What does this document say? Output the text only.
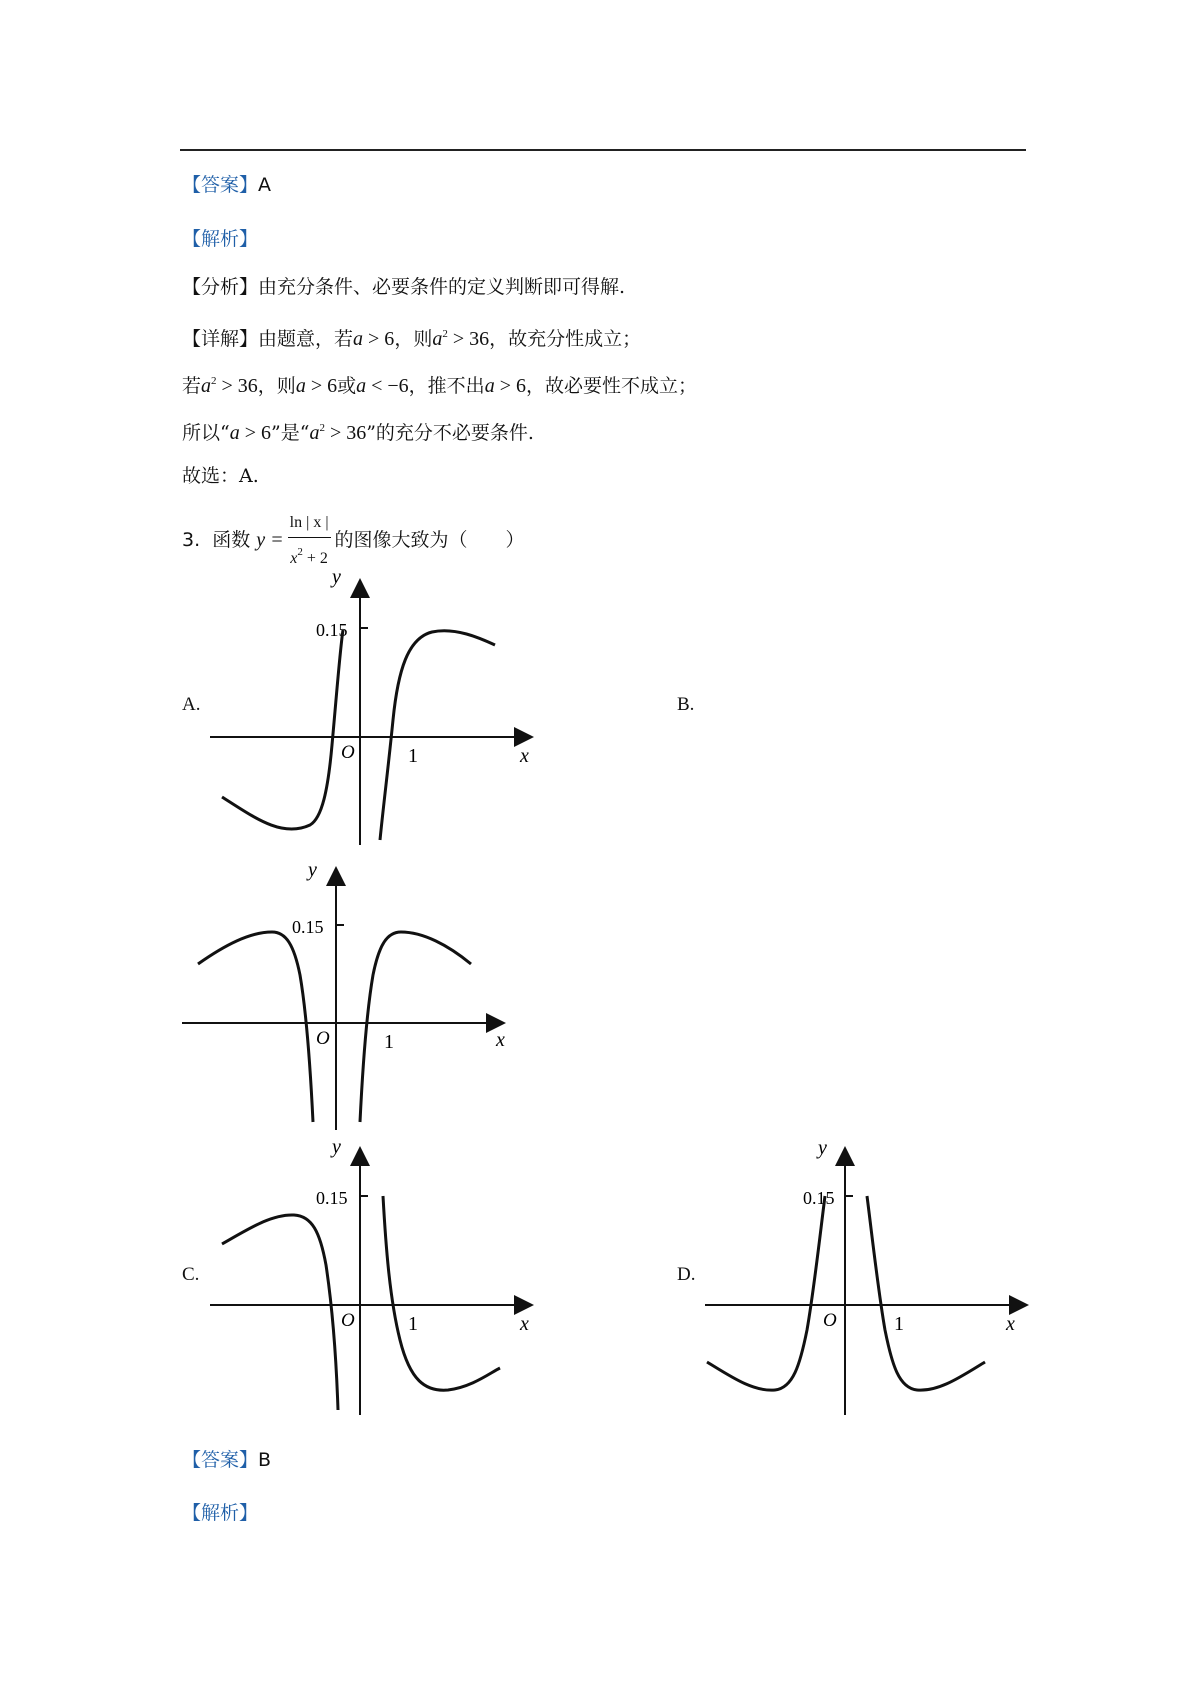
【答案】A
【解析】
【分析】由充分条件、必要条件的定义判断即可得解.
【详解】由题意，若a > 6，则$a^2 > 36$，故充分性成立；
若$a^2 > 36$，则a > 6或a < −6，推不出a > 6，故必要性不成立；
所以“a > 6”是“$a^2 > 36$”的充分不必要条件.
故选：A.
3. 函数 $y = \frac{\ln | x |}{x^2 + 2}$ 的图像大致为（　　）
A.	B.
C.	D.
0.15
y
x
O	1
0.15
y
x
O	1
0.15
y
x
O	1
0.15
y
x
O	1
【答案】B
【解析】
